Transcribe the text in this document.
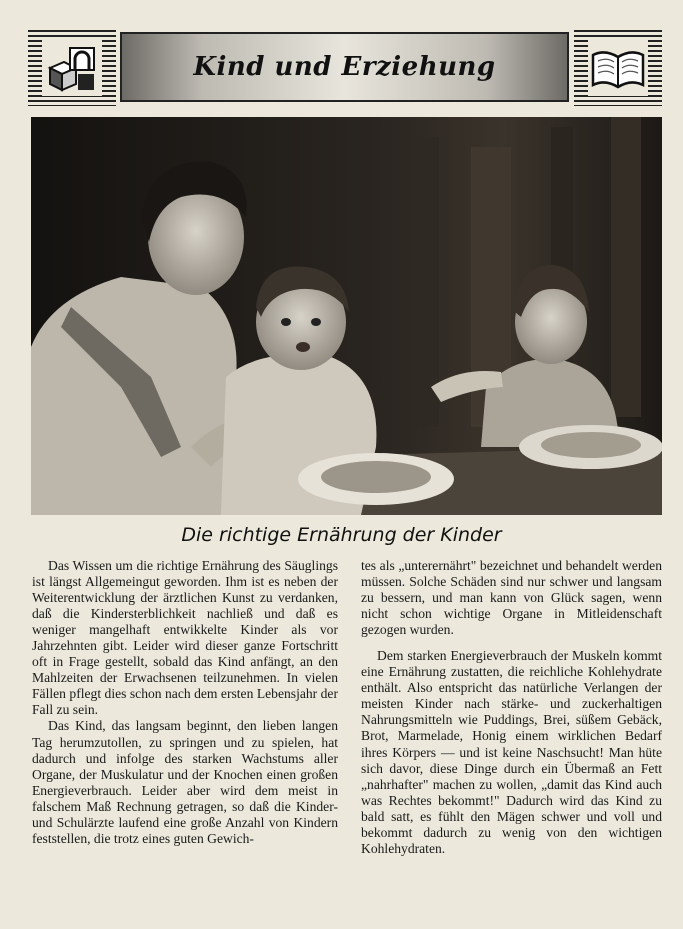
Kind und Erziehung
Die richtige Ernährung der Kinder

Das Wissen um die richtige Ernährung des Säuglings ist längst Allgemeingut geworden. Ihm ist es neben der Weiterentwicklung der ärztlichen Kunst zu verdanken, daß die Kindersterblichkeit nachließ und daß es weniger mangelhaft entwikkelte Kinder als vor Jahrzehnten gibt. Leider wird dieser ganze Fortschritt oft in Frage gestellt, sobald das Kind anfängt, an den Mahlzeiten der Erwachsenen teilzunehmen. In vielen Fällen pflegt dies schon nach dem ersten Lebensjahr der Fall zu sein.

Das Kind, das langsam beginnt, den lieben langen Tag herumzutollen, zu springen und zu spielen, hat dadurch und infolge des starken Wachstums aller Organe, der Muskulatur und der Knochen einen großen Energieverbrauch. Leider aber wird dem meist in falschem Maß Rechnung getragen, so daß die Kinder- und Schulärzte laufend eine große Anzahl von Kindern feststellen, die trotz eines guten Gewich-

tes als „unterernährt" bezeichnet und behandelt werden müssen. Solche Schäden sind nur schwer und langsam zu bessern, und man kann von Glück sagen, wenn nicht schon wichtige Organe in Mitleidenschaft gezogen wurden.

Dem starken Energieverbrauch der Muskeln kommt eine Ernährung zustatten, die reichliche Kohlehydrate enthält. Also entspricht das natürliche Verlangen der meisten Kinder nach stärke- und zuckerhaltigen Nahrungsmitteln wie Puddings, Brei, süßem Gebäck, Brot, Marmelade, Honig einem wirklichen Bedarf ihres Körpers — und ist keine Naschsucht! Man hüte sich davor, diese Dinge durch ein Übermaß an Fett „nahrhafter" machen zu wollen, „damit das Kind auch was Rechtes bekommt!" Dadurch wird das Kind zu bald satt, es fühlt den Mägen schwer und voll und bekommt dadurch zu wenig von den wichtigen Kohlehydraten.
